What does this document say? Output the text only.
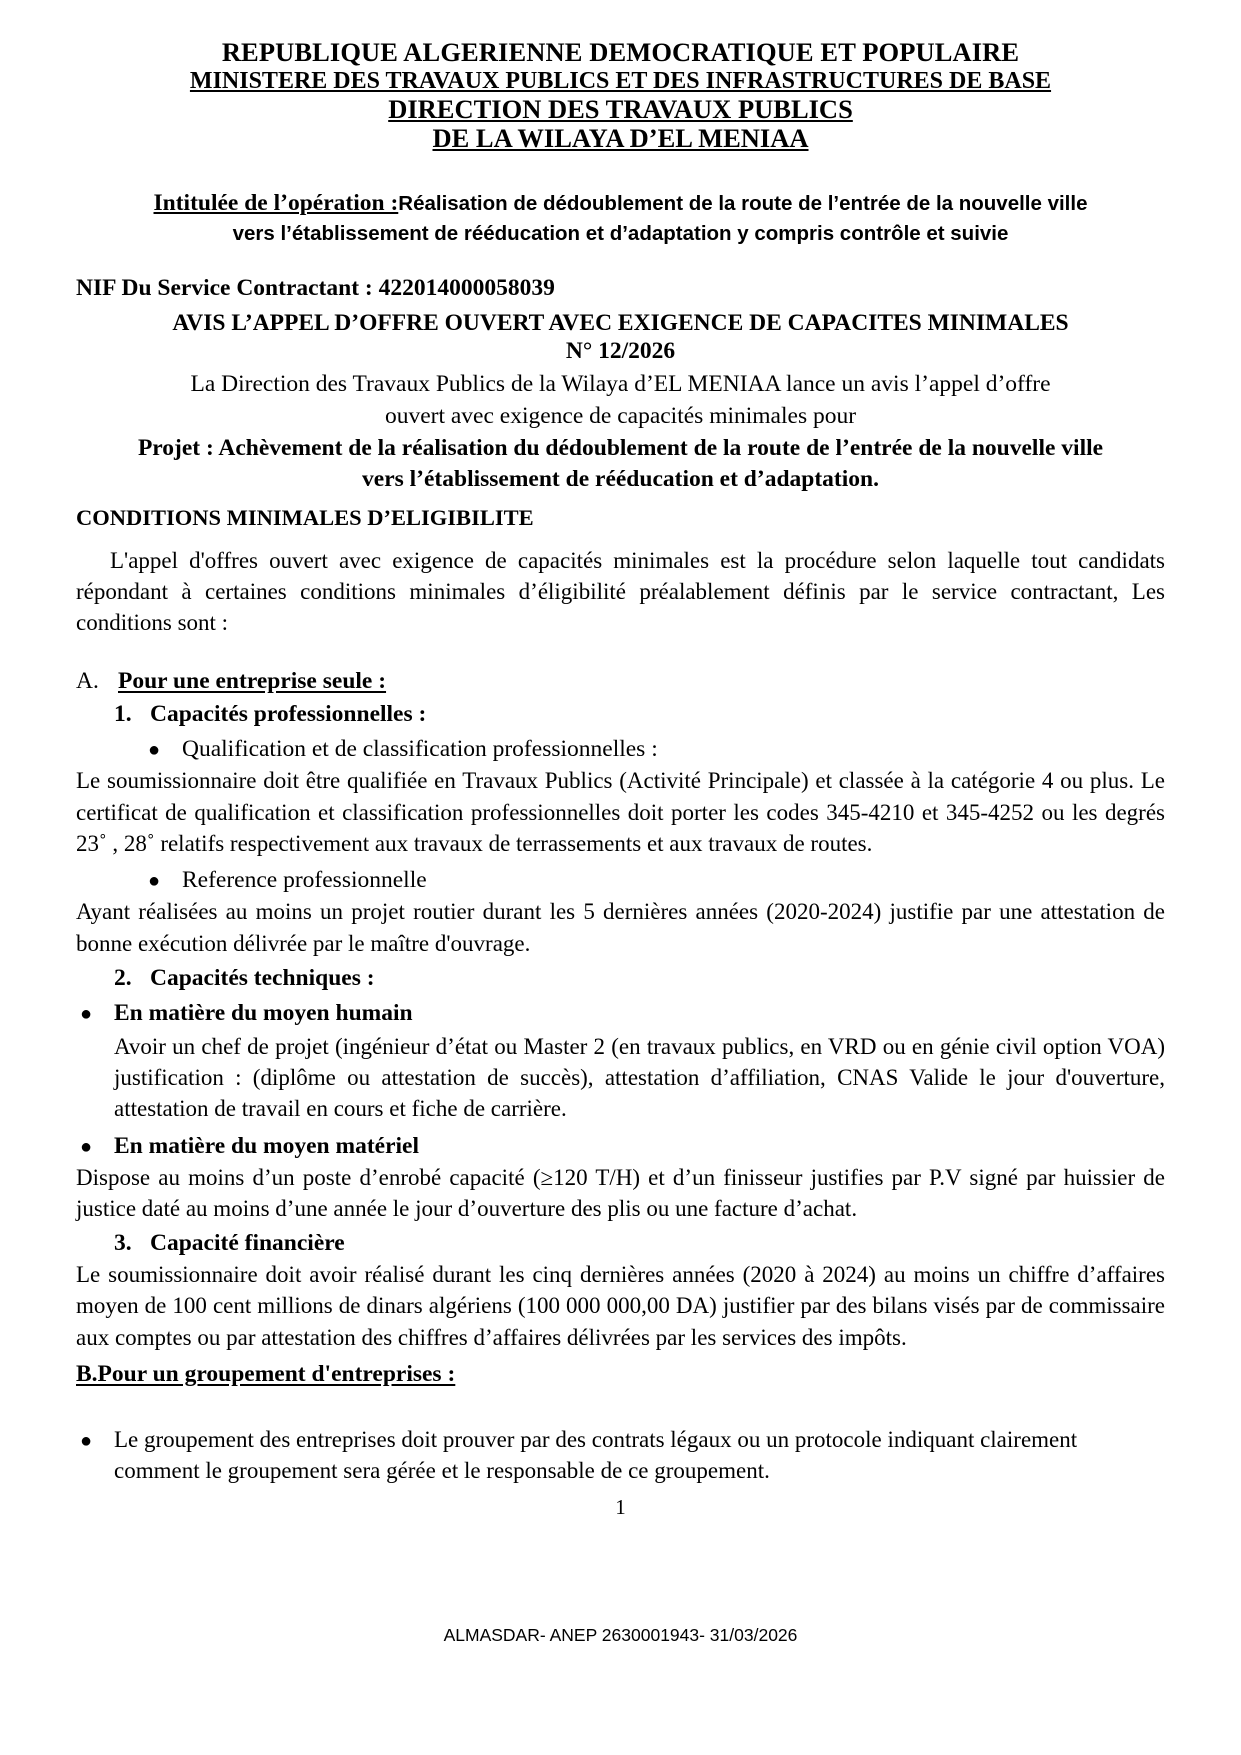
REPUBLIQUE ALGERIENNE DEMOCRATIQUE ET POPULAIRE
MINISTERE DES TRAVAUX PUBLICS ET DES INFRASTRUCTURES DE BASE
DIRECTION DES TRAVAUX PUBLICS
DE LA WILAYA D’EL MENIAA
Intitulée de l’opération :Réalisation de dédoublement de la route de l’entrée de la nouvelle ville
vers l’établissement de rééducation et d’adaptation y compris contrôle et suivie
NIF Du Service Contractant : 422014000058039
AVIS L’APPEL D’OFFRE OUVERT AVEC EXIGENCE DE CAPACITES MINIMALES
N° 12/2026
La Direction des Travaux Publics de la Wilaya d’EL MENIAA lance un avis l’appel d’offre
ouvert avec exigence de capacités minimales pour
Projet : Achèvement de la réalisation du dédoublement de la route de l’entrée de la nouvelle ville
vers l’établissement de rééducation et d’adaptation.
CONDITIONS MINIMALES D’ELIGIBILITE

L'appel d'offres ouvert avec exigence de capacités minimales est la procédure selon laquelle tout candidats répondant à certaines conditions minimales d’éligibilité préalablement définis par le service contractant, Les conditions sont :

A. Pour une entreprise seule :
1. Capacités professionnelles :
● Qualification et de classification professionnelles :

Le soumissionnaire doit être qualifiée en Travaux Publics (Activité Principale) et classée à la catégorie 4 ou plus. Le certificat de qualification et classification professionnelles doit porter les codes 345-4210 et 345-4252 ou les degrés 23˚ , 28˚ relatifs respectivement aux travaux de terrassements et aux travaux de routes.

● Reference professionnelle

Ayant réalisées au moins un projet routier durant les 5 dernières années (2020-2024) justifie par une attestation de bonne exécution délivrée par le maître d'ouvrage.

2. Capacités techniques :
● En matière du moyen humain
Avoir un chef de projet (ingénieur d’état ou Master 2 (en travaux publics, en VRD ou en génie civil option VOA) justification : (diplôme ou attestation de succès), attestation d’affiliation, CNAS Valide le jour d'ouverture, attestation de travail en cours et fiche de carrière.
● En matière du moyen matériel

Dispose au moins d’un poste d’enrobé capacité (≥120 T/H) et d’un finisseur justifies par P.V signé par huissier de justice daté au moins d’une année le jour d’ouverture des plis ou une facture d’achat.

3. Capacité financière

Le soumissionnaire doit avoir réalisé durant les cinq dernières années (2020 à 2024) au moins un chiffre d’affaires moyen de 100 cent millions de dinars algériens (100 000 000,00 DA) justifier par des bilans visés par de commissaire aux comptes ou par attestation des chiffres d’affaires délivrées par les services des impôts.

B.Pour un groupement d'entreprises :
● Le groupement des entreprises doit prouver par des contrats légaux ou un protocole indiquant clairement comment le groupement sera gérée et le responsable de ce groupement.
1
ALMASDAR- ANEP 2630001943- 31/03/2026
